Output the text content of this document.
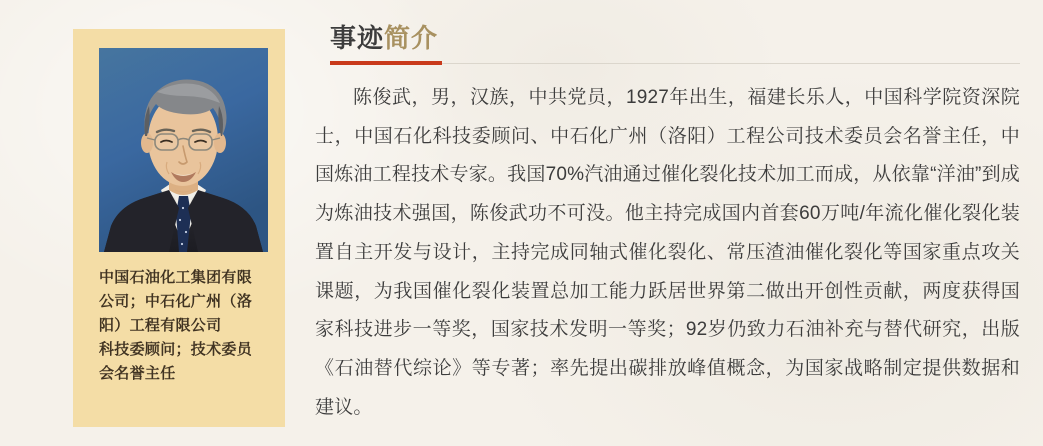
中国石油化工集团有限公司；中石化广州（洛阳）工程有限公司
科技委顾问；技术委员会名誉主任
事迹简介
陈俊武，男，汉族，中共党员，1927年出生，福建长乐人，中国科学院资深院士，中国石化科技委顾问、中石化广州（洛阳）工程公司技术委员会名誉主任，中国炼油工程技术专家。我国70%汽油通过催化裂化技术加工而成，从依靠“洋油”到成为炼油技术强国，陈俊武功不可没。他主持完成国内首套60万吨/年流化催化裂化装置自主开发与设计，主持完成同轴式催化裂化、常压渣油催化裂化等国家重点攻关课题，为我国催化裂化装置总加工能力跃居世界第二做出开创性贡献，两度获得国家科技进步一等奖，国家技术发明一等奖；92岁仍致力石油补充与替代研究，出版《石油替代综论》等专著；率先提出碳排放峰值概念，为国家战略制定提供数据和建议。
